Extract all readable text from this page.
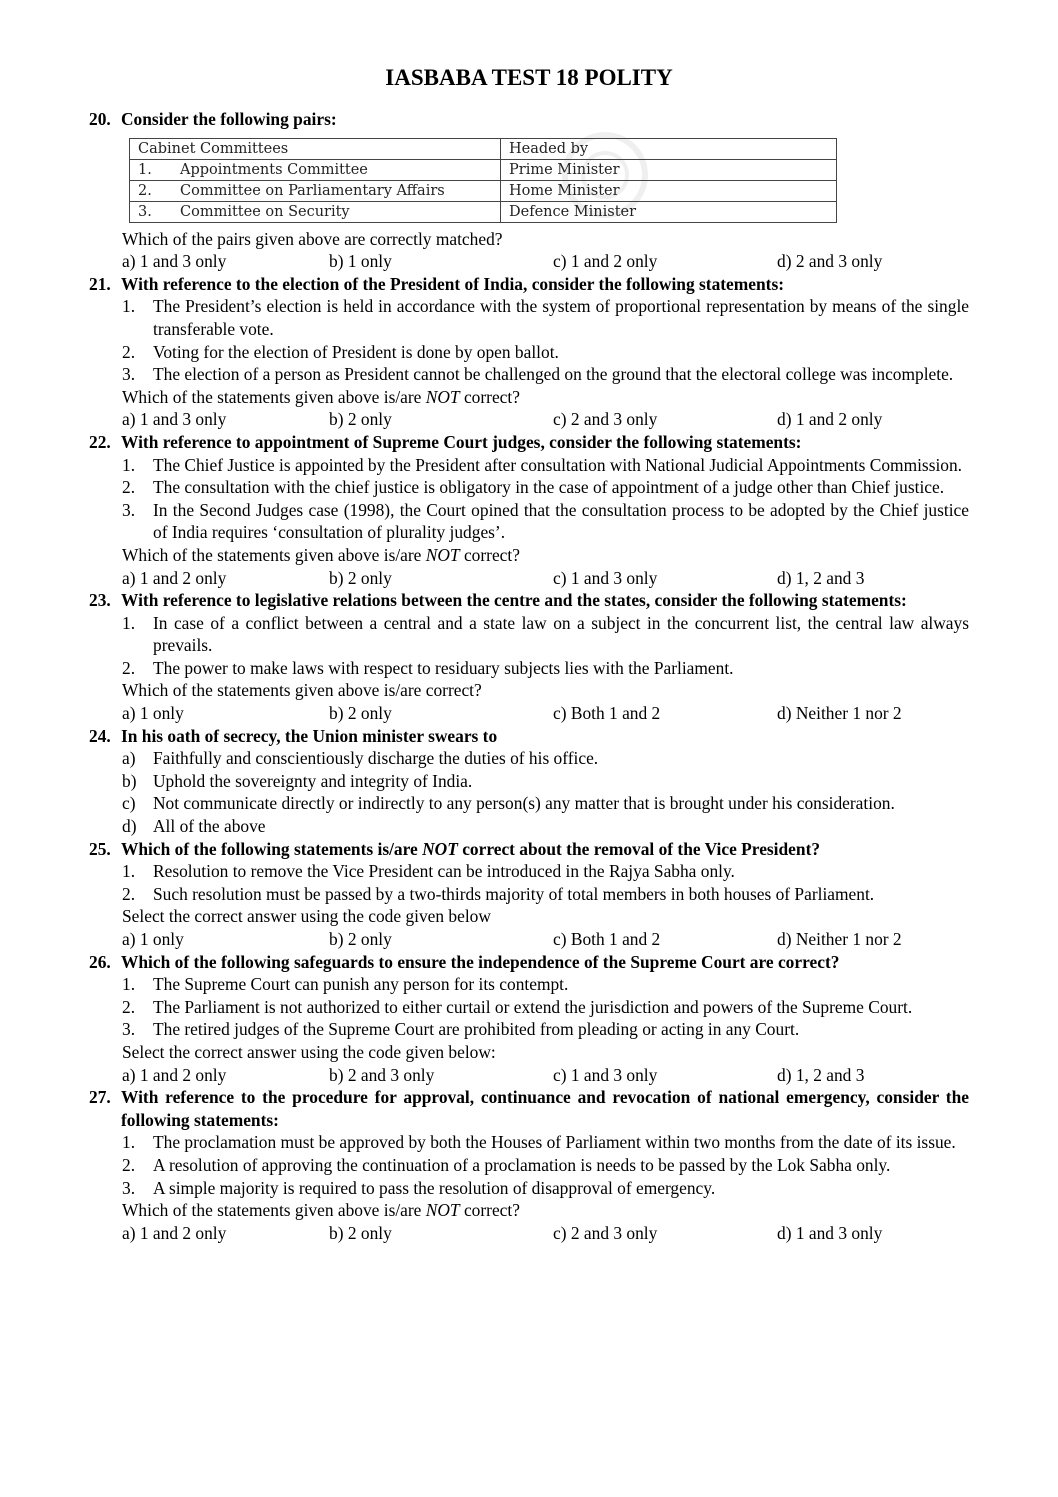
IASBABA TEST 18 POLITY
20. Consider the following pairs:
Cabinet Committees	Headed by
1. Appointments Committee	Prime Minister
2. Committee on Parliamentary Affairs	Home Minister
3. Committee on Security	Defence Minister
Which of the pairs given above are correctly matched?
a) 1 and 3 only	b) 1 only	c) 1 and 2 only	d) 2 and 3 only
21. With reference to the election of the President of India, consider the following statements:
1.	The President’s election is held in accordance with the system of proportional representation by means of the single transferable vote.
2.	Voting for the election of President is done by open ballot.
3.	The election of a person as President cannot be challenged on the ground that the electoral college was incomplete.
Which of the statements given above is/are NOT correct?
a) 1 and 3 only	b) 2 only	c) 2 and 3 only	d) 1 and 2 only
22. With reference to appointment of Supreme Court judges, consider the following statements:
1.	The Chief Justice is appointed by the President after consultation with National Judicial Appointments Commission.
2.	The consultation with the chief justice is obligatory in the case of appointment of a judge other than Chief justice.
3.	In the Second Judges case (1998), the Court opined that the consultation process to be adopted by the Chief justice of India requires ‘consultation of plurality judges’.
Which of the statements given above is/are NOT correct?
a) 1 and 2 only	b) 2 only	c) 1 and 3 only	d) 1, 2 and 3
23. With reference to legislative relations between the centre and the states, consider the following statements:
1.	In case of a conflict between a central and a state law on a subject in the concurrent list, the central law always prevails.
2.	The power to make laws with respect to residuary subjects lies with the Parliament.
Which of the statements given above is/are correct?
a) 1 only	b) 2 only	c) Both 1 and 2	d) Neither 1 nor 2
24. In his oath of secrecy, the Union minister swears to
a)	Faithfully and conscientiously discharge the duties of his office.
b) Uphold the sovereignty and integrity of India.
c)	Not communicate directly or indirectly to any person(s) any matter that is brought under his consideration.
d) All of the above
25. Which of the following statements is/are NOT correct about the removal of the Vice President?
1.	Resolution to remove the Vice President can be introduced in the Rajya Sabha only.
2.	Such resolution must be passed by a two-thirds majority of total members in both houses of Parliament.
Select the correct answer using the code given below
a) 1 only	b) 2 only	c) Both 1 and 2	d) Neither 1 nor 2
26. Which of the following safeguards to ensure the independence of the Supreme Court are correct?
1.	The Supreme Court can punish any person for its contempt.
2.	The Parliament is not authorized to either curtail or extend the jurisdiction and powers of the Supreme Court.
3.	The retired judges of the Supreme Court are prohibited from pleading or acting in any Court.
Select the correct answer using the code given below:
a) 1 and 2 only	b) 2 and 3 only	c) 1 and 3 only	d) 1, 2 and 3
27. With reference to the procedure for approval, continuance and revocation of national emergency, consider the following statements:
1.	The proclamation must be approved by both the Houses of Parliament within two months from the date of its issue.
2.	A resolution of approving the continuation of a proclamation is needs to be passed by the Lok Sabha only.
3.	A simple majority is required to pass the resolution of disapproval of emergency.
Which of the statements given above is/are NOT correct?
a) 1 and 2 only	b) 2 only	c) 2 and 3 only	d) 1 and 3 only
